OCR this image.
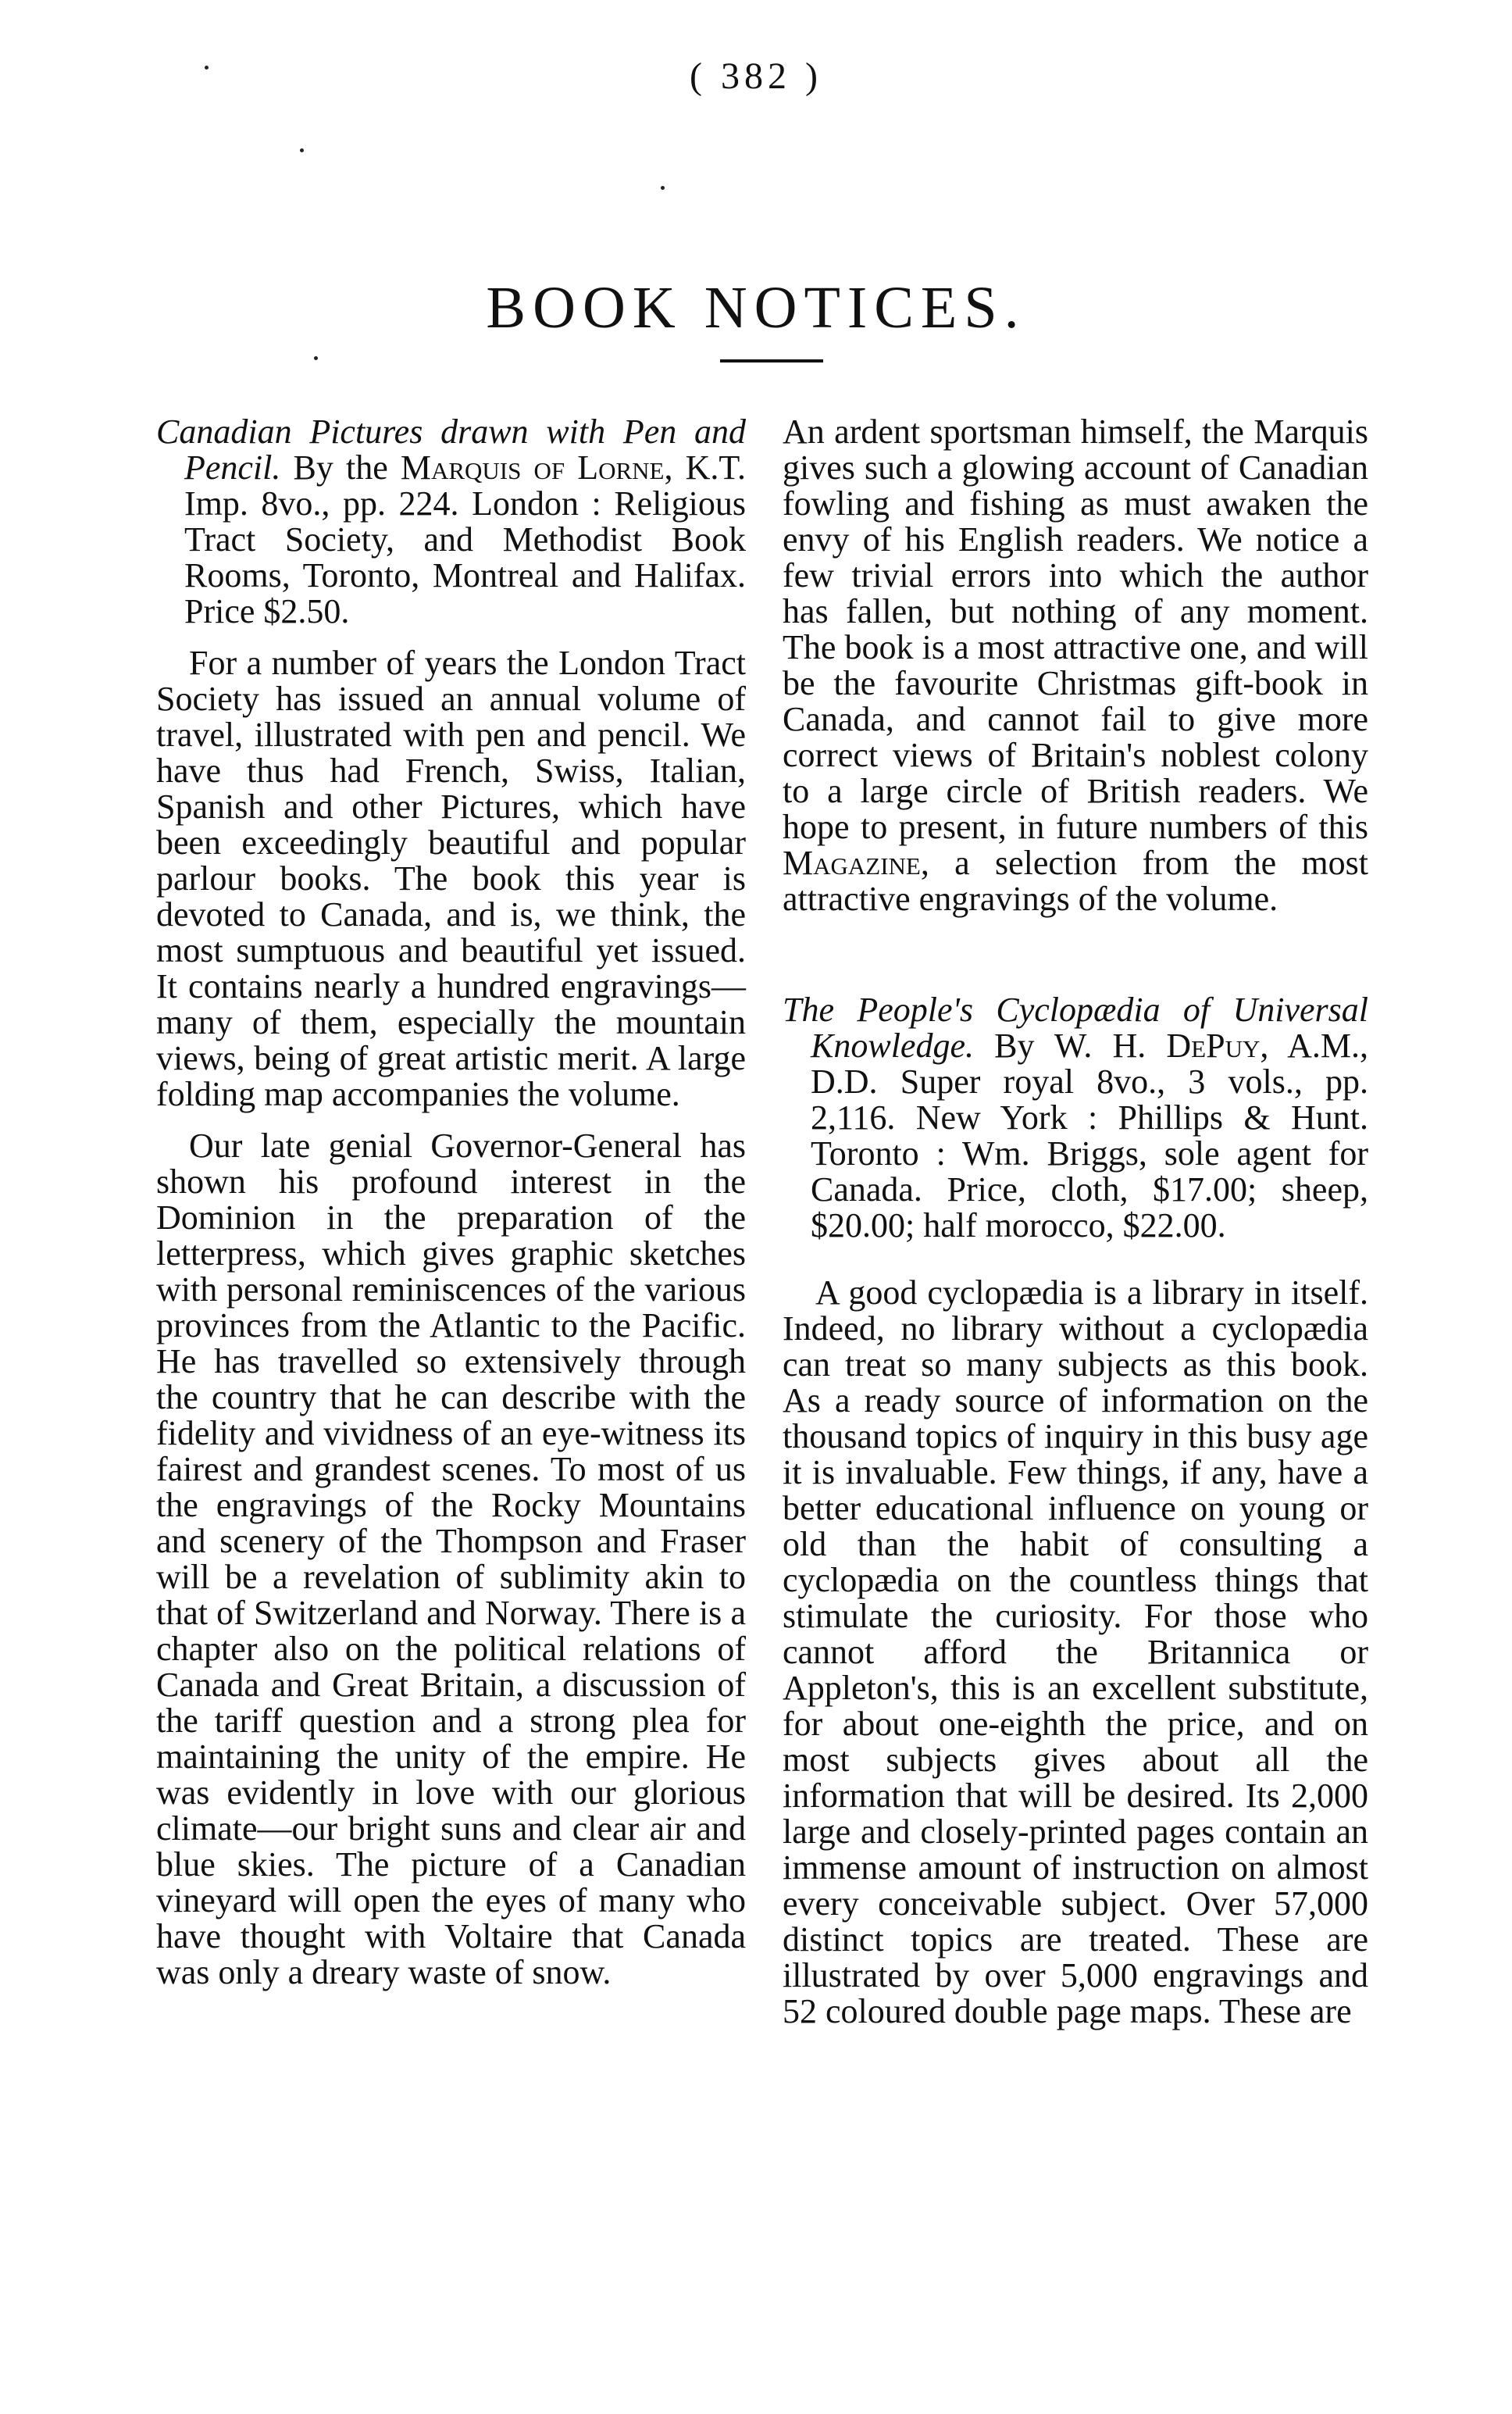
( 382 )
BOOK NOTICES.

Canadian Pictures drawn with Pen and Pencil. By the Marquis of Lorne, K.T. Imp. 8vo., pp. 224. London : Religious Tract Society, and Methodist Book Rooms, Toronto, Montreal and Halifax. Price $2.50.

For a number of years the London Tract Society has issued an annual volume of travel, illustrated with pen and pencil. We have thus had French, Swiss, Italian, Spanish and other Pictures, which have been exceedingly beautiful and popular parlour books. The book this year is devoted to Canada, and is, we think, the most sumptuous and beautiful yet issued. It contains nearly a hundred engravings—many of them, especially the mountain views, being of great artistic merit. A large folding map accompanies the volume.

Our late genial Governor-General has shown his profound interest in the Dominion in the preparation of the letterpress, which gives graphic sketches with personal reminiscences of the various provinces from the Atlantic to the Pacific. He has travelled so extensively through the country that he can describe with the fidelity and vividness of an eye-witness its fairest and grandest scenes. To most of us the engravings of the Rocky Mountains and scenery of the Thompson and Fraser will be a revelation of sublimity akin to that of Switzerland and Norway. There is a chapter also on the political relations of Canada and Great Britain, a discussion of the tariff question and a strong plea for maintaining the unity of the empire. He was evidently in love with our glorious climate—our bright suns and clear air and blue skies. The picture of a Canadian vineyard will open the eyes of many who have thought with Voltaire that Canada was only a dreary waste of snow.

An ardent sportsman himself, the Marquis gives such a glowing account of Canadian fowling and fishing as must awaken the envy of his English readers. We notice a few trivial errors into which the author has fallen, but nothing of any moment. The book is a most attractive one, and will be the favourite Christmas gift-book in Canada, and cannot fail to give more correct views of Britain's noblest colony to a large circle of British readers. We hope to present, in future numbers of this Magazine, a selection from the most attractive engravings of the volume.

The People's Cyclopædia of Universal Knowledge. By W. H. DePuy, A.M., D.D. Super royal 8vo., 3 vols., pp. 2,116. New York : Phillips & Hunt. Toronto : Wm. Briggs, sole agent for Canada. Price, cloth, $17.00; sheep, $20.00; half morocco, $22.00.

A good cyclopædia is a library in itself. Indeed, no library without a cyclopædia can treat so many subjects as this book. As a ready source of information on the thousand topics of inquiry in this busy age it is invaluable. Few things, if any, have a better educational influence on young or old than the habit of consulting a cyclopædia on the countless things that stimulate the curiosity. For those who cannot afford the Britannica or Appleton's, this is an excellent substitute, for about one-eighth the price, and on most subjects gives about all the information that will be desired. Its 2,000 large and closely-printed pages contain an immense amount of instruction on almost every conceivable subject. Over 57,000 distinct topics are treated. These are illustrated by over 5,000 engravings and 52 coloured double page maps. These are
